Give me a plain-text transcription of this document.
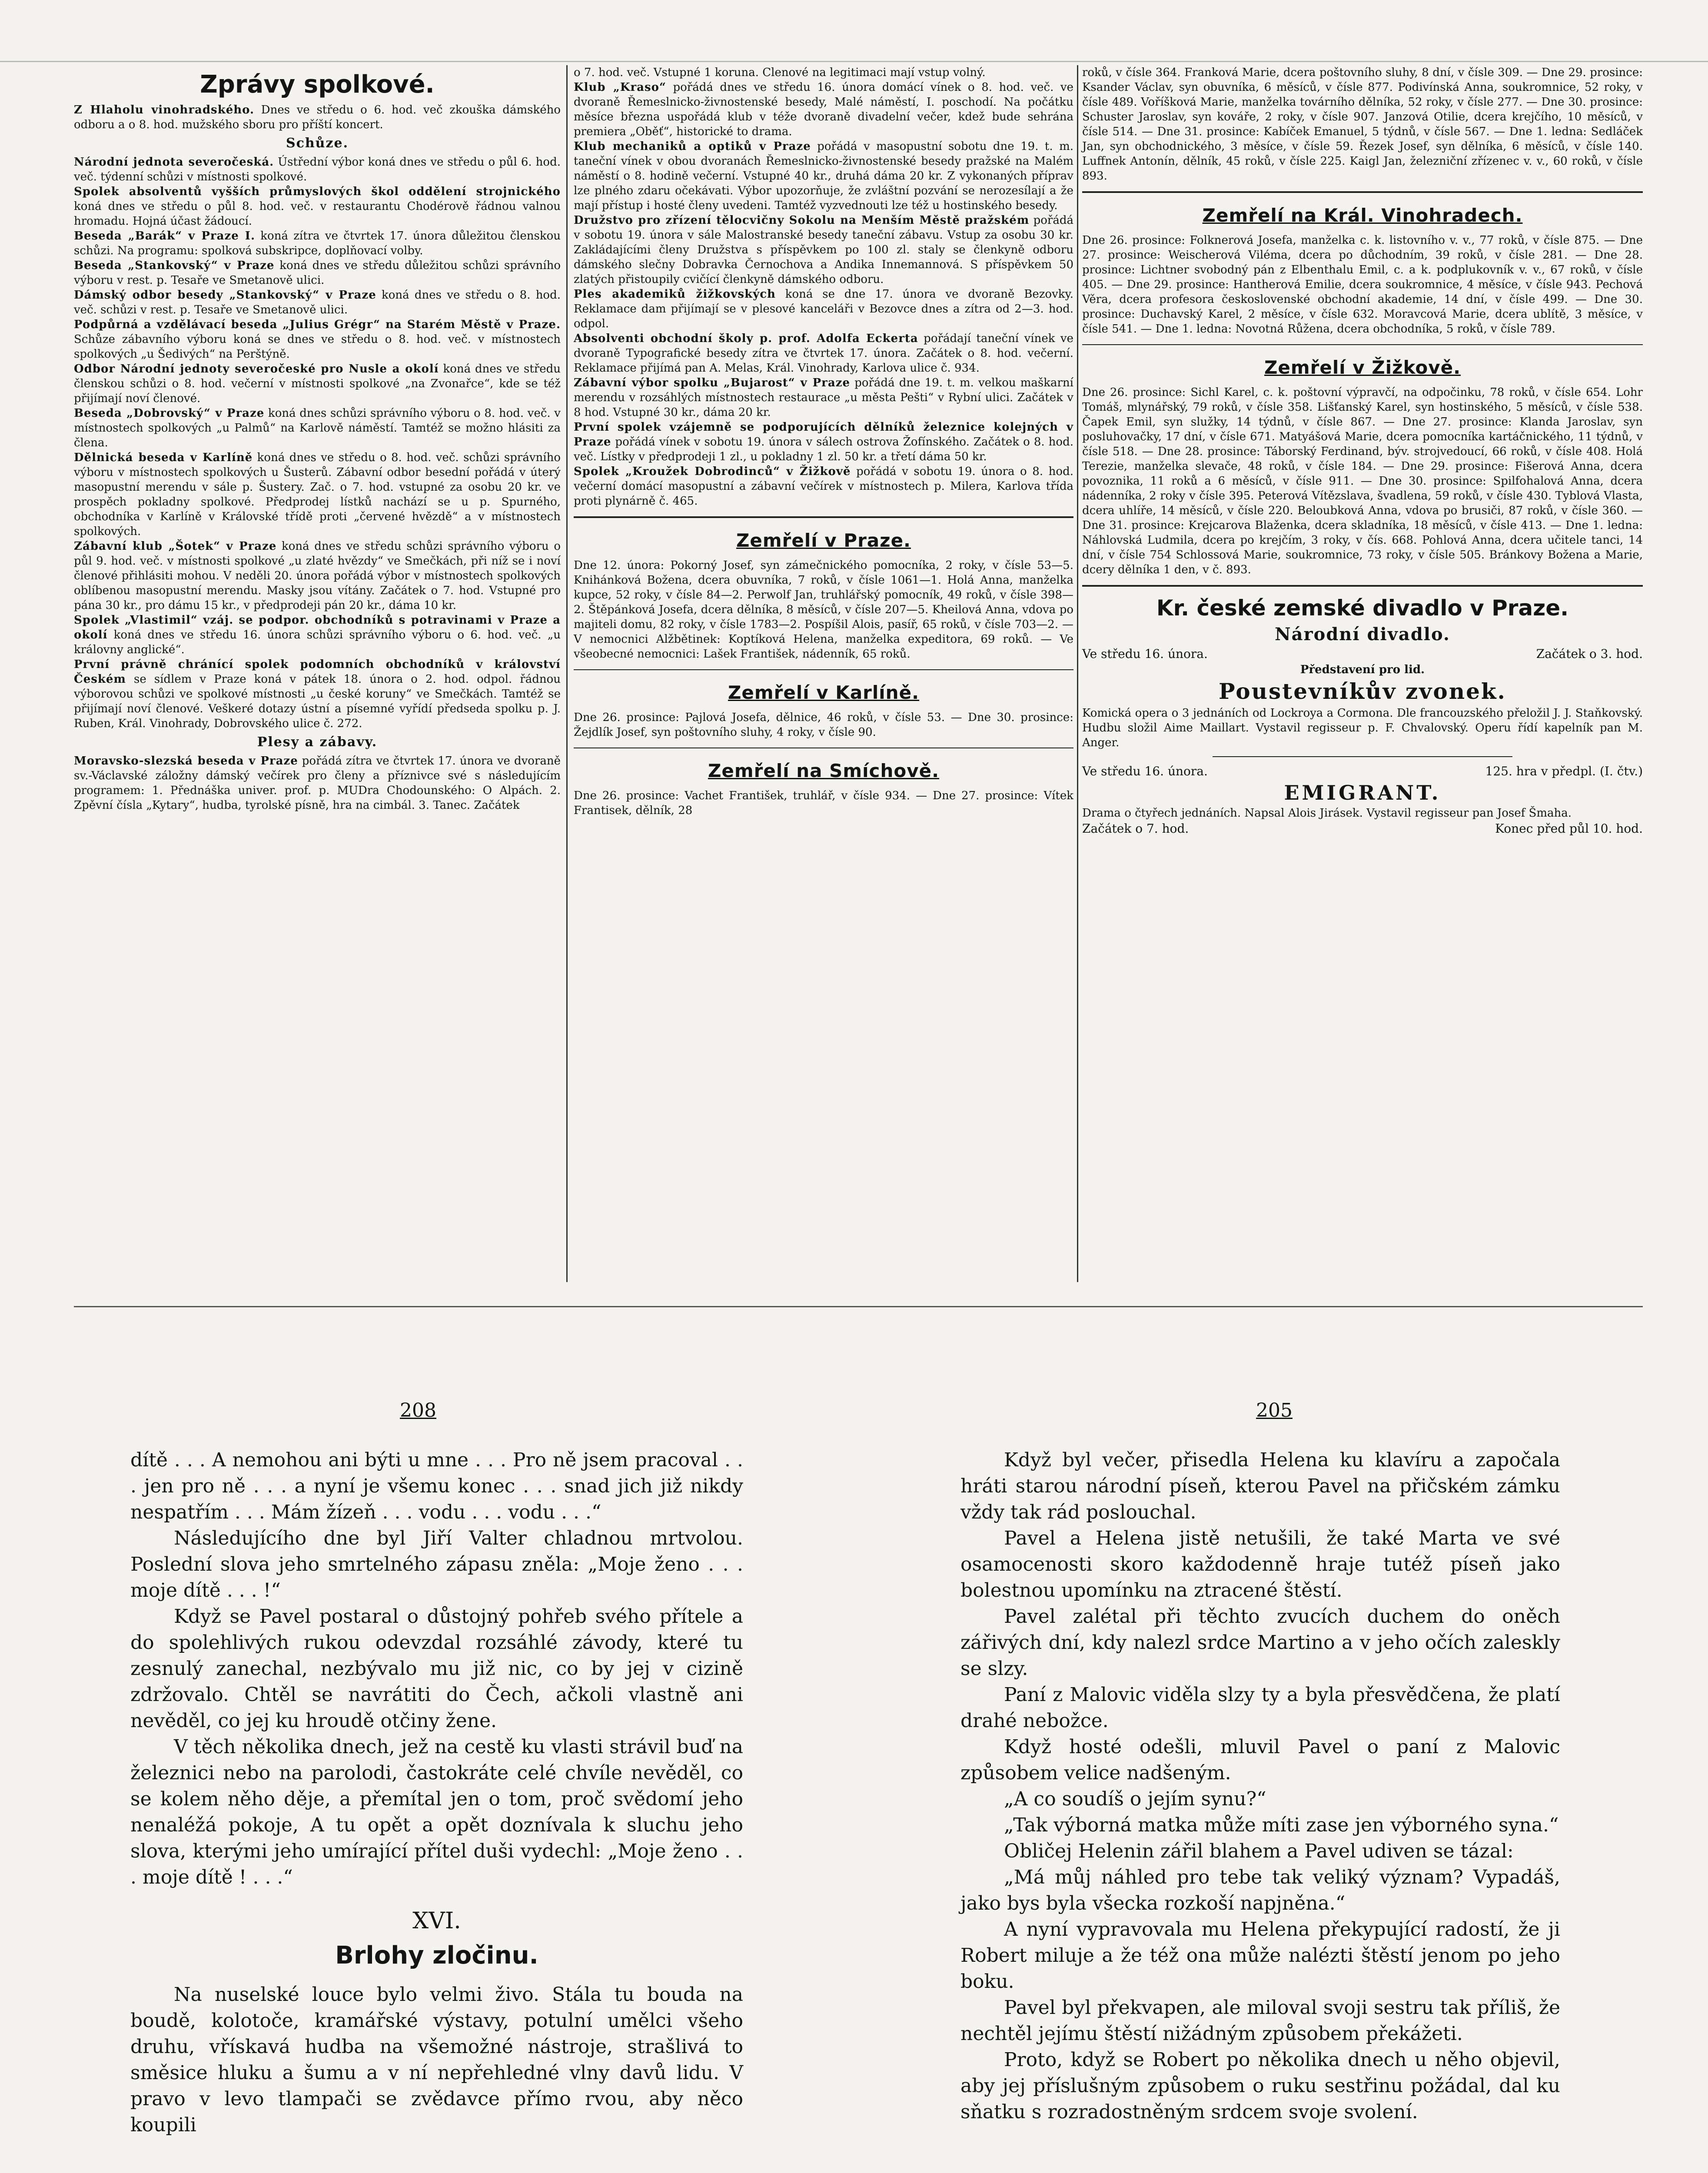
Zprávy spolkové.

Z Hlaholu vinohradského. Dnes ve středu o 6. hod. več zkouška dámského odboru a o 8. hod. mužského sboru pro příští koncert.

Schůze.

Národní jednota severočeská. Ústřední výbor koná dnes ve středu o půl 6. hod. več. týdenní schůzi v místnosti spolkové.

Spolek absolventů vyšších průmyslových škol oddělení strojnického koná dnes ve středu o půl 8. hod. več. v restaurantu Chodérově řádnou valnou hromadu. Hojná účast žádoucí.

Beseda „Barák“ v Praze I. koná zítra ve čtvrtek 17. února důležitou členskou schůzi. Na programu: spolková subskripce, doplňovací volby.

Beseda „Stankovský“ v Praze koná dnes ve středu důležitou schůzi správního výboru v rest. p. Tesaře ve Smetanově ulici.

Dámský odbor besedy „Stankovský“ v Praze koná dnes ve středu o 8. hod. več. schůzi v rest. p. Tesaře ve Smetanově ulici.

Podpůrná a vzdělávací beseda „Julius Grégr“ na Starém Městě v Praze. Schůze zábavního výboru koná se dnes ve středu o 8. hod. več. v místnostech spolkových „u Šedivých“ na Perštýně.

Odbor Národní jednoty severočeské pro Nusle a okolí koná dnes ve středu členskou schůzi o 8. hod. večerní v místnosti spolkové „na Zvonařce“, kde se též přijímají noví členové.

Beseda „Dobrovský“ v Praze koná dnes schůzi správního výboru o 8. hod. več. v místnostech spolkových „u Palmů“ na Karlově náměstí. Tamtéž se možno hlásiti za člena.

Dělnická beseda v Karlíně koná dnes ve středu o 8. hod. več. schůzi správního výboru v místnostech spolkových u Šusterů. Zábavní odbor besední pořádá v úterý masopustní merendu v sále p. Šustery. Zač. o 7. hod. vstupné za osobu 20 kr. ve prospěch pokladny spolkové. Předprodej lístků nachází se u p. Spurného, obchodníka v Karlíně v Královské třídě proti „červené hvězdě“ a v místnostech spolkových.

Zábavní klub „Šotek“ v Praze koná dnes ve středu schůzi správního výboru o půl 9. hod. več. v místnosti spolkové „u zlaté hvězdy“ ve Smečkách, při níž se i noví členové přihlásiti mohou. V neděli 20. února pořádá výbor v místnostech spolkových oblíbenou masopustní merendu. Masky jsou vítány. Začátek o 7. hod. Vstupné pro pána 30 kr., pro dámu 15 kr., v předprodeji pán 20 kr., dáma 10 kr.

Spolek „Vlastimil“ vzáj. se podpor. obchodníků s potravinami v Praze a okolí koná dnes ve středu 16. února schůzi správního výboru o 6. hod. več. „u královny anglické“.

První právně chránící spolek podomních obchodníků v království Českém se sídlem v Praze koná v pátek 18. února o 2. hod. odpol. řádnou výborovou schůzi ve spolkové místnosti „u české koruny“ ve Smečkách. Tamtéž se přijímají noví členové. Veškeré dotazy ústní a písemné vyřídí předseda spolku p. J. Ruben, Král. Vinohrady, Dobrovského ulice č. 272.

Plesy a zábavy.

Moravsko-slezská beseda v Praze pořádá zítra ve čtvrtek 17. února ve dvoraně sv.-Václavské záložny dámský večírek pro členy a příznivce své s následujícím programem: 1. Přednáška univer. prof. p. MUDra Chodounského: O Alpách. 2. Zpěvní čísla „Kytary“, hudba, tyrolské písně, hra na cimbál. 3. Tanec. Začátek

o 7. hod. več. Vstupné 1 koruna. Clenové na legitimaci mají vstup volný.

Klub „Kraso“ pořádá dnes ve středu 16. února domácí vínek o 8. hod. več. ve dvoraně Řemeslnicko-živnostenské besedy, Malé náměstí, I. poschodí. Na počátku měsíce března uspořádá klub v téže dvoraně divadelní večer, kdež bude sehrána premiera „Oběť“, historické to drama.

Klub mechaniků a optiků v Praze pořádá v masopustní sobotu dne 19. t. m. taneční vínek v obou dvoranách Řemeslnicko-živnostenské besedy pražské na Malém náměstí o 8. hodině večerní. Vstupné 40 kr., druhá dáma 20 kr. Z vykonaných příprav lze plného zdaru očekávati. Výbor upozorňuje, že zvláštní pozvání se nerozesílají a že mají přístup i hosté členy uvedeni. Tamtéž vyzvednouti lze též u hostinského besedy.

Družstvo pro zřízení tělocvičny Sokolu na Menším Městě pražském pořádá v sobotu 19. února v sále Malostranské besedy taneční zábavu. Vstup za osobu 30 kr. Zakládajícími členy Družstva s příspěvkem po 100 zl. staly se členkyně odboru dámského slečny Dobravka Černochova a Andika Innemannová. S příspěvkem 50 zlatých přistoupily cvičící členkyně dámského odboru.

Ples akademiků žižkovských koná se dne 17. února ve dvoraně Bezovky. Reklamace dam přijímají se v plesové kanceláři v Bezovce dnes a zítra od 2—3. hod. odpol.

Absolventi obchodní školy p. prof. Adolfa Eckerta pořádají taneční vínek ve dvoraně Typografické besedy zítra ve čtvrtek 17. února. Začátek o 8. hod. večerní. Reklamace přijímá pan A. Melas, Král. Vinohrady, Karlova ulice č. 934.

Zábavní výbor spolku „Bujarost“ v Praze pořádá dne 19. t. m. velkou maškarní merendu v rozsáhlých místnostech restaurace „u města Pešti“ v Rybní ulici. Začátek v 8 hod. Vstupné 30 kr., dáma 20 kr.

První spolek vzájemně se podporujících dělníků železnice kolejných v Praze pořádá vínek v sobotu 19. února v sálech ostrova Žofínského. Začátek o 8. hod. več. Lístky v předprodeji 1 zl., u pokladny 1 zl. 50 kr. a třetí dáma 50 kr.

Spolek „Kroužek Dobrodinců“ v Žižkově pořádá v sobotu 19. února o 8. hod. večerní domácí masopustní a zábavní večírek v místnostech p. Milera, Karlova třída proti plynárně č. 465.

Zemřelí v Praze.

Dne 12. února: Pokorný Josef, syn zámečnického pomocníka, 2 roky, v čísle 53—5. Knihánková Božena, dcera obuvníka, 7 roků, v čísle 1061—1. Holá Anna, manželka kupce, 52 roky, v čísle 84—2. Perwolf Jan, truhlářský pomocník, 49 roků, v čísle 398—2. Štěpánková Josefa, dcera dělníka, 8 měsíců, v čísle 207—5. Kheilová Anna, vdova po majiteli domu, 82 roky, v čísle 1783—2. Pospíšil Alois, pasíř, 65 roků, v čísle 703—2. — V nemocnici Alžbětinek: Koptíková Helena, manželka expeditora, 69 roků. — Ve všeobecné nemocnici: Lašek František, nádenník, 65 roků.

Zemřelí v Karlíně.

Dne 26. prosince: Pajlová Josefa, dělnice, 46 roků, v čísle 53. — Dne 30. prosince: Žejdlík Josef, syn poštovního sluhy, 4 roky, v čísle 90.

Zemřelí na Smíchově.

Dne 26. prosince: Vachet František, truhlář, v čísle 934. — Dne 27. prosince: Vítek Frantisek, dělník, 28

roků, v čísle 364. Franková Marie, dcera poštovního sluhy, 8 dní, v čísle 309. — Dne 29. prosince: Ksander Václav, syn obuvníka, 6 měsíců, v čísle 877. Podivínská Anna, soukromnice, 52 roky, v čísle 489. Voříšková Marie, manželka továrního dělníka, 52 roky, v čísle 277. — Dne 30. prosince: Schuster Jaroslav, syn kováře, 2 roky, v čísle 907. Janzová Otilie, dcera krejčího, 10 měsíců, v čísle 514. — Dne 31. prosince: Kabíček Emanuel, 5 týdnů, v čísle 567. — Dne 1. ledna: Sedláček Jan, syn obchodnického, 3 měsíce, v čísle 59. Řezek Josef, syn dělníka, 6 měsíců, v čísle 140. Luffnek Antonín, dělník, 45 roků, v čísle 225. Kaigl Jan, železniční zřízenec v. v., 60 roků, v čísle 893.

Zemřelí na Král. Vinohradech.

Dne 26. prosince: Folknerová Josefa, manželka c. k. listovního v. v., 77 roků, v čísle 875. — Dne 27. prosince: Weischerová Viléma, dcera po důchodním, 39 roků, v čísle 281. — Dne 28. prosince: Lichtner svobodný pán z Elbenthalu Emil, c. a k. podplukovník v. v., 67 roků, v čísle 405. — Dne 29. prosince: Hantherová Emilie, dcera soukromnice, 4 měsíce, v čísle 943. Pechová Věra, dcera profesora československé obchodní akademie, 14 dní, v čísle 499. — Dne 30. prosince: Duchavský Karel, 2 měsíce, v čísle 632. Moravcová Marie, dcera ublítě, 3 měsíce, v čísle 541. — Dne 1. ledna: Novotná Růžena, dcera obchodníka, 5 roků, v čísle 789.

Zemřelí v Žižkově.

Dne 26. prosince: Sichl Karel, c. k. poštovní výpravčí, na odpočinku, 78 roků, v čísle 654. Lohr Tomáš, mlynářský, 79 roků, v čísle 358. Lišťanský Karel, syn hostinského, 5 měsíců, v čísle 538. Čapek Emil, syn služky, 14 týdnů, v čísle 867. — Dne 27. prosince: Klanda Jaroslav, syn posluhovačky, 17 dní, v čísle 671. Matyášová Marie, dcera pomocníka kartáčnického, 11 týdnů, v čísle 518. — Dne 28. prosince: Táborský Ferdinand, býv. strojvedoucí, 66 roků, v čísle 408. Holá Terezie, manželka slevače, 48 roků, v čísle 184. — Dne 29. prosince: Fišerová Anna, dcera povoznika, 11 roků a 6 měsíců, v čísle 911. — Dne 30. prosince: Spilfohalová Anna, dcera nádenníka, 2 roky v čísle 395. Peterová Vítězslava, švadlena, 59 roků, v čísle 430. Tyblová Vlasta, dcera uhlíře, 14 měsíců, v čísle 220. Beloubková Anna, vdova po brusiči, 87 roků, v čísle 360. — Dne 31. prosince: Krejcarova Blaženka, dcera skladníka, 18 měsíců, v čísle 413. — Dne 1. ledna: Náhlovská Ludmila, dcera po krejčím, 3 roky, v čís. 668. Pohlová Anna, dcera učitele tanci, 14 dní, v čísle 754 Schlossová Marie, soukromnice, 73 roky, v čísle 505. Bránkovy Božena a Marie, dcery dělníka 1 den, v č. 893.

Kr. české zemské divadlo v Praze.
Národní divadlo.
Ve středu 16. února.	Začátek o 3. hod.
Představení pro lid.
Poustevníkův zvonek.

Komická opera o 3 jednáních od Lockroya a Cormona. Dle francouzského přeložil J. J. Staňkovský. Hudbu složil Aime Maillart. Vystavil regisseur p. F. Chvalovský. Operu řídí kapelník pan M. Anger.

Ve středu 16. února.	125. hra v předpl. (I. čtv.)
EMIGRANT.

Drama o čtyřech jednáních. Napsal Alois Jirásek. Vystavil regisseur pan Josef Šmaha.

Začátek o 7. hod.	Konec před půl 10. hod.
208	205

dítě . . . A nemohou ani býti u mne . . . Pro ně jsem pracoval . . . jen pro ně . . . a nyní je všemu konec . . . snad jich již nikdy nespatřím . . . Mám žízeň . . . vodu . . . vodu . . .“

Následujícího dne byl Jiří Valter chladnou mrtvolou. Poslední slova jeho smrtelného zápasu zněla: „Moje ženo . . . moje dítě . . . !“

Když se Pavel postaral o důstojný pohřeb svého přítele a do spolehlivých rukou odevzdal rozsáhlé závody, které tu zesnulý zanechal, nezbývalo mu již nic, co by jej v cizině zdržovalo. Chtěl se navrátiti do Čech, ačkoli vlastně ani nevěděl, co jej ku hroudě otčiny žene.

V těch několika dnech, jež na cestě ku vlasti strávil buď na železnici nebo na parolodi, častokráte celé chvíle nevěděl, co se kolem něho děje, a přemítal jen o tom, proč svědomí jeho nenaléžá pokoje, A tu opět a opět doznívala k sluchu jeho slova, kterými jeho umírající přítel duši vydechl: „Moje ženo . . . moje dítě ! . . .“

XVI.
Brlohy zločinu.

Na nuselské louce bylo velmi živo. Stála tu bouda na boudě, kolotoče, kramářské výstavy, potulní umělci všeho druhu, vřískavá hudba na všemožné nástroje, strašlivá to směsice hluku a šumu a v ní nepřehledné vlny davů lidu. V pravo v levo tlampači se zvědavce přímo rvou, aby něco koupili

Když byl večer, přisedla Helena ku klavíru a započala hráti starou národní píseň, kterou Pavel na přičském zámku vždy tak rád poslouchal.

Pavel a Helena jistě netušili, že také Marta ve své osamocenosti skoro každodenně hraje tutéž píseň jako bolestnou upomínku na ztracené štěstí.

Pavel zalétal při těchto zvucích duchem do oněch zářivých dní, kdy nalezl srdce Martino a v jeho očích zaleskly se slzy.

Paní z Malovic viděla slzy ty a byla přesvědčena, že platí drahé nebožce.

Když hosté odešli, mluvil Pavel o paní z Malovic způsobem velice nadšeným.

„A co soudíš o jejím synu?“

„Tak výborná matka může míti zase jen výborného syna.“

Obličej Helenin zářil blahem a Pavel udiven se tázal:

„Má můj náhled pro tebe tak veliký význam? Vypadáš, jako bys byla všecka rozkoší napjněna.“

A nyní vypravovala mu Helena překypující radostí, že ji Robert miluje a že též ona může nalézti štěstí jenom po jeho boku.

Pavel byl překvapen, ale miloval svoji sestru tak příliš, že nechtěl jejímu štěstí nižádným způsobem překážeti.

Proto, když se Robert po několika dnech u něho objevil, aby jej příslušným způsobem o ruku sestřinu požádal, dal ku sňatku s rozradostněným srdcem svoje svolení.
